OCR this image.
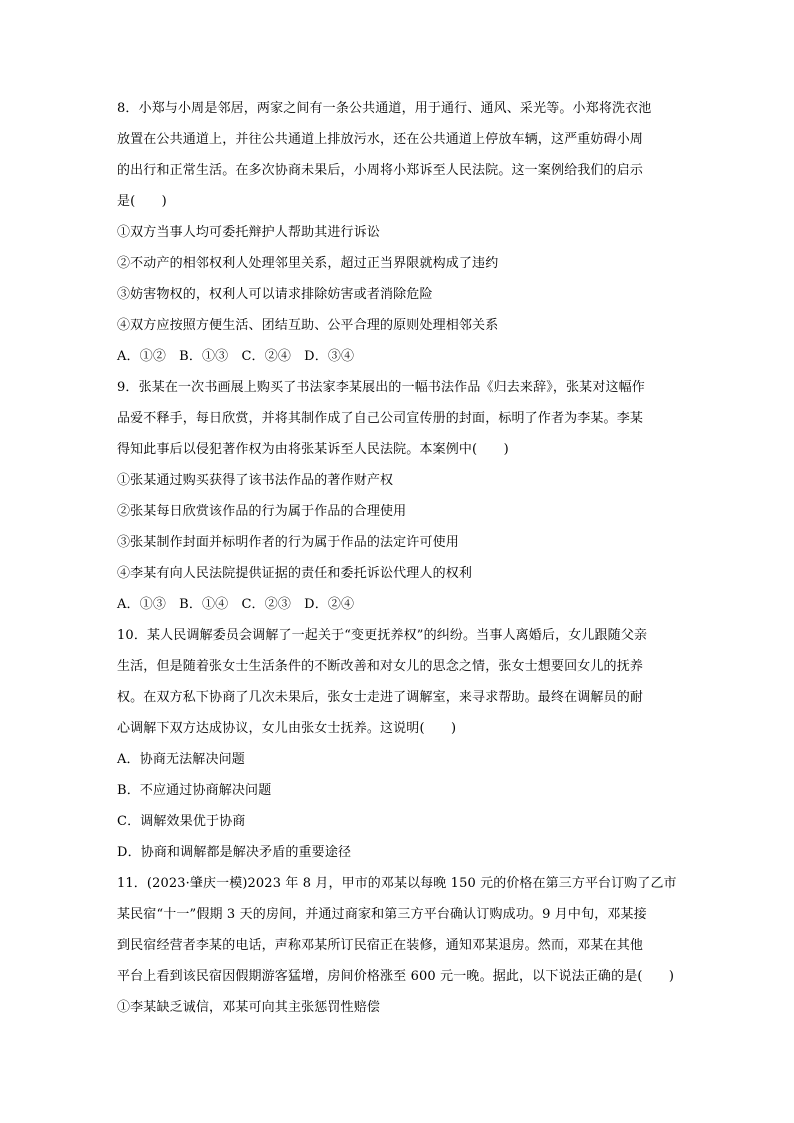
8．小郑与小周是邻居，两家之间有一条公共通道，用于通行、通风、采光等。小郑将洗衣池
放置在公共通道上，并往公共通道上排放污水，还在公共通道上停放车辆，这严重妨碍小周
的出行和正常生活。在多次协商未果后，小周将小郑诉至人民法院。这一案例给我们的启示
是(　　)
①双方当事人均可委托辩护人帮助其进行诉讼
②不动产的相邻权利人处理邻里关系，超过正当界限就构成了违约
③妨害物权的，权利人可以请求排除妨害或者消除危险
④双方应按照方便生活、团结互助、公平合理的原则处理相邻关系
A．①②　B．①③　C．②④　D．③④
9．张某在一次书画展上购买了书法家李某展出的一幅书法作品《归去来辞》，张某对这幅作
品爱不释手，每日欣赏，并将其制作成了自己公司宣传册的封面，标明了作者为李某。李某
得知此事后以侵犯著作权为由将张某诉至人民法院。本案例中(　　)
①张某通过购买获得了该书法作品的著作财产权
②张某每日欣赏该作品的行为属于作品的合理使用
③张某制作封面并标明作者的行为属于作品的法定许可使用
④李某有向人民法院提供证据的责任和委托诉讼代理人的权利
A．①③　B．①④　C．②③　D．②④
10．某人民调解委员会调解了一起关于“变更抚养权”的纠纷。当事人离婚后，女儿跟随父亲
生活，但是随着张女士生活条件的不断改善和对女儿的思念之情，张女士想要回女儿的抚养
权。在双方私下协商了几次未果后，张女士走进了调解室，来寻求帮助。最终在调解员的耐
心调解下双方达成协议，女儿由张女士抚养。这说明(　　)
A．协商无法解决问题
B．不应通过协商解决问题
C．调解效果优于协商
D．协商和调解都是解决矛盾的重要途径
11．(2023·肇庆一模)2023 年 8 月，甲市的邓某以每晚 150 元的价格在第三方平台订购了乙市
某民宿“十一”假期 3 天的房间，并通过商家和第三方平台确认订购成功。9 月中旬，邓某接
到民宿经营者李某的电话，声称邓某所订民宿正在装修，通知邓某退房。然而，邓某在其他
平台上看到该民宿因假期游客猛增，房间价格涨至 600 元一晚。据此，以下说法正确的是(　　)
①李某缺乏诚信，邓某可向其主张惩罚性赔偿
